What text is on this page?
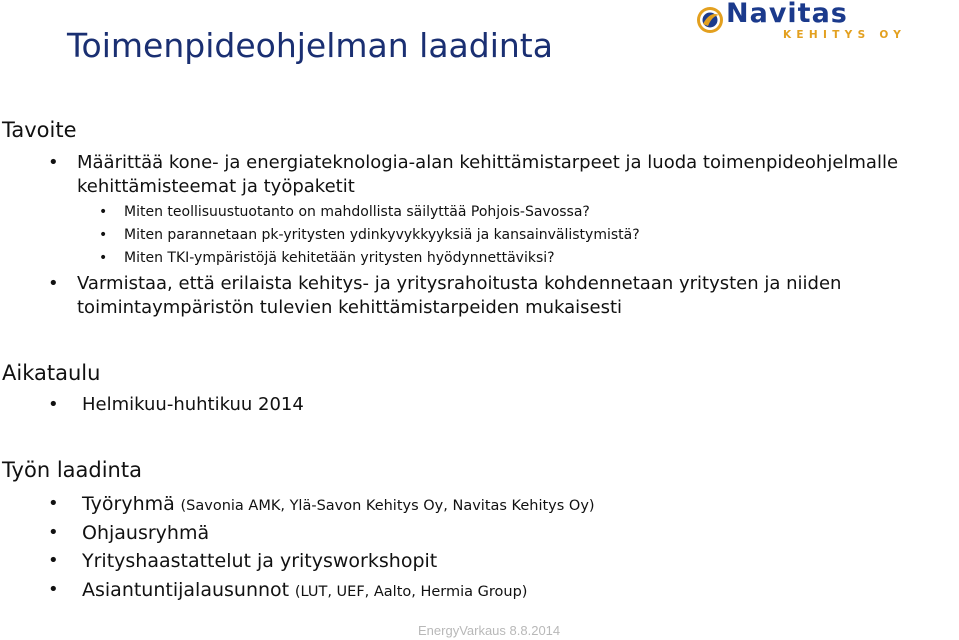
Toimenpideohjelman laadinta
Navitas
KEHITYS OY
Tavoite
•	Määrittää kone- ja energiateknologia-alan kehittämistarpeet ja luoda toimenpideohjelmalle kehittämisteemat ja työpaketit
•	Miten teollisuustuotanto on mahdollista säilyttää Pohjois-Savossa?
•	Miten parannetaan pk-yritysten ydinkyvykkyyksiä ja kansainvälistymistä?
•	Miten TKI-ympäristöjä kehitetään yritysten hyödynnettäviksi?
•	Varmistaa, että erilaista kehitys- ja yritysrahoitusta kohdennetaan yritysten ja niiden toimintaympäristön tulevien kehittämistarpeiden mukaisesti
Aikataulu
•	Helmikuu-huhtikuu 2014
Työn laadinta
•	Työryhmä (Savonia AMK, Ylä-Savon Kehitys Oy, Navitas Kehitys Oy)
•	Ohjausryhmä
•	Yrityshaastattelut ja yritysworkshopit
•	Asiantuntijalausunnot (LUT, UEF, Aalto, Hermia Group)
EnergyVarkaus 8.8.2014
